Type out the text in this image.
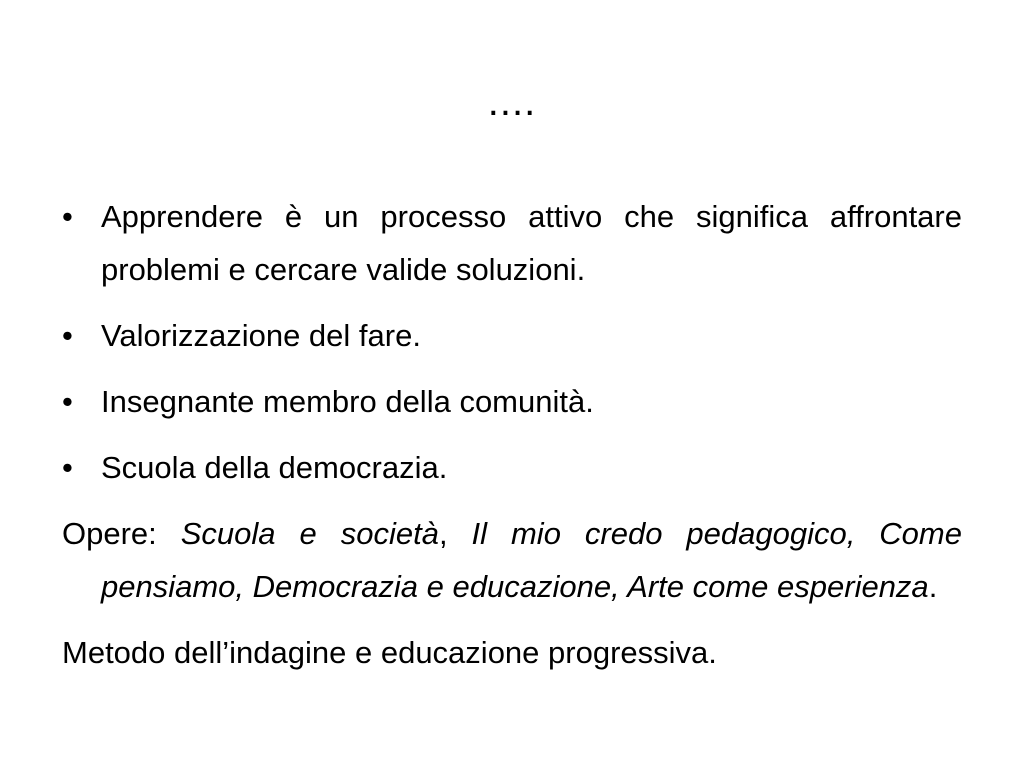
....
• Apprendere è un processo attivo che significa affrontare problemi e cercare valide soluzioni.
• Valorizzazione del fare.
• Insegnante membro della comunità.
• Scuola della democrazia.
Opere: Scuola e società, Il mio credo pedagogico, Come pensiamo, Democrazia e educazione, Arte come esperienza.
Metodo dell’indagine e educazione progressiva.
